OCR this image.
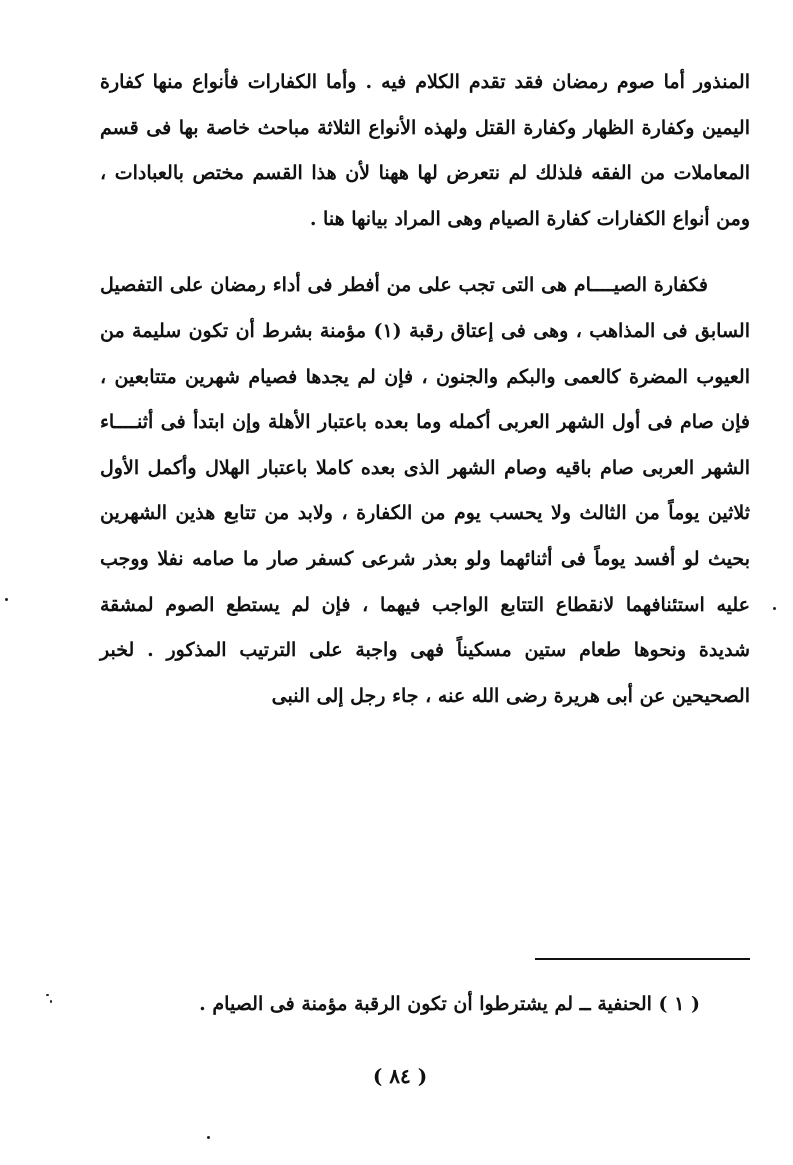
المنذور أما صوم رمضان فقد تقدم الكلام فيه . وأما الكفارات فأنواع منها كفارة اليمين وكفارة الظهار وكفارة القتل ولهذه الأنواع الثلاثة مباحث خاصة بها فى قسم المعاملات من الفقه فلذلك لم نتعرض لها ههنا لأن هذا القسم مختص بالعبادات ، ومن أنواع الكفارات كفارة الصيام وهى المراد بيانها هنا .

فكفارة الصيــــام هى التى تجب على من أفطر فى أداء رمضان على التفصيل السابق فى المذاهب ، وهى فى إعتاق رقبة (١) مؤمنة بشرط أن تكون سليمة من العيوب المضرة كالعمى والبكم والجنون ، فإن لم يجدها فصيام شهرين متتابعين ، فإن صام فى أول الشهر العربى أكمله وما بعده باعتبار الأهلة وإن ابتدأ فى أثنــــاء الشهر العربى صام باقيه وصام الشهر الذى بعده كاملا باعتبار الهلال وأكمل الأول ثلاثين يوماً من الثالث ولا يحسب يوم من الكفارة ، ولابد من تتابع هذين الشهرين بحيث لو أفسد يوماً فى أثنائهما ولو بعذر شرعى كسفر صار ما صامه نفلا ووجب عليه استئنافهما لانقطاع التتابع الواجب فيهما ، فإن لم يستطع الصوم لمشقة شديدة ونحوها طعام ستين مسكيناً فهى واجبة على الترتيب المذكور . لخبر الصحيحين عن أبى هريرة رضى الله عنه ، جاء رجل إلى النبى

( ١ ) الحنفية ــ لم يشترطوا أن تكون الرقبة مؤمنة فى الصيام .
( ٨٤ )
